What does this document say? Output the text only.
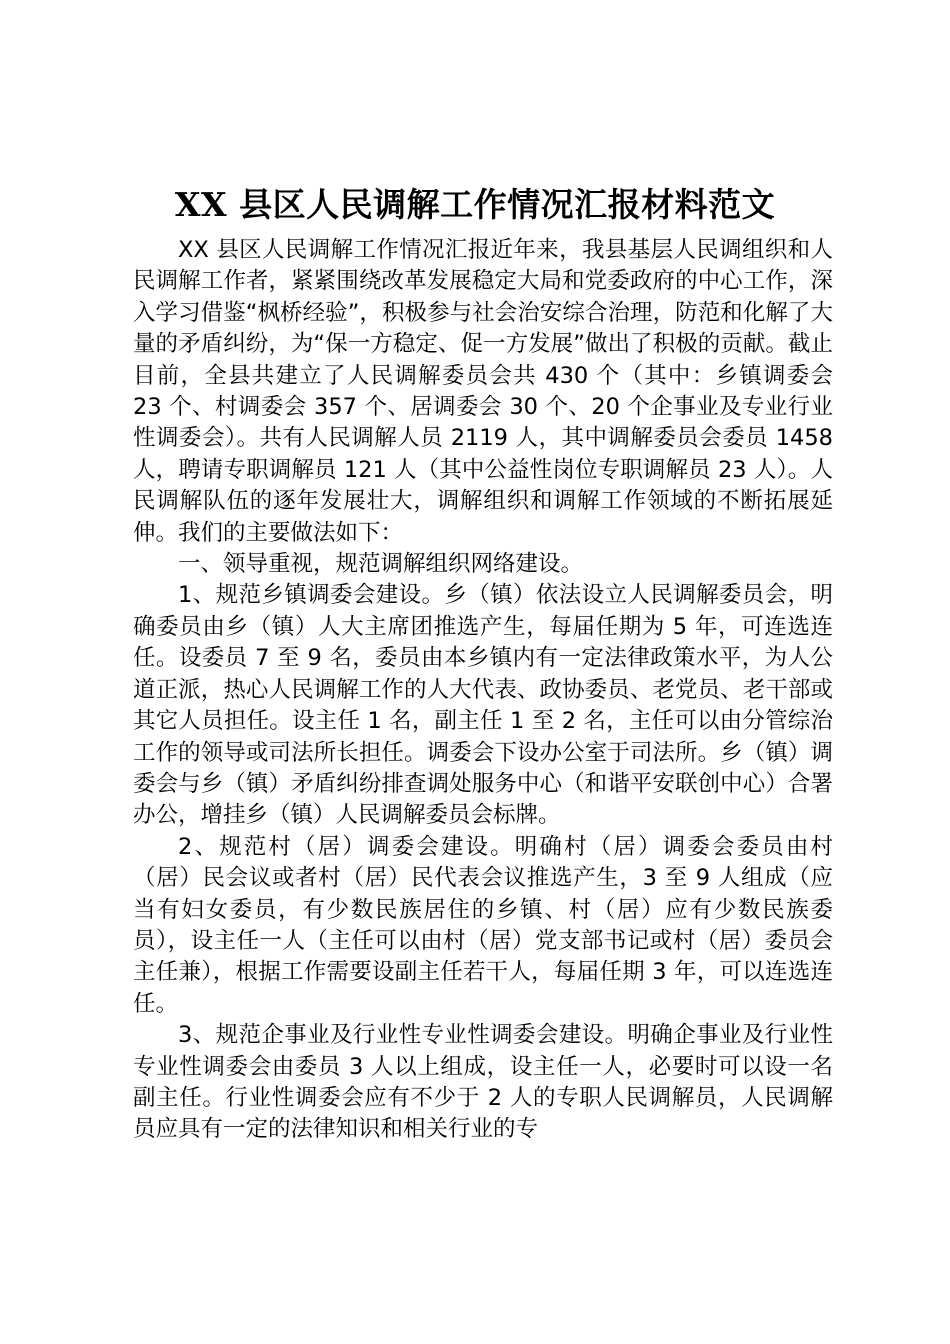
XX 县区人民调解工作情况汇报材料范文

XX 县区人民调解工作情况汇报近年来，我县基层人民调组织和人民调解工作者，紧紧围绕改革发展稳定大局和党委政府的中心工作，深入学习借鉴“枫桥经验”，积极参与社会治安综合治理，防范和化解了大量的矛盾纠纷，为“保一方稳定、促一方发展”做出了积极的贡献。截止目前，全县共建立了人民调解委员会共 430 个（其中：乡镇调委会 23 个、村调委会 357 个、居调委会 30 个、20 个企事业及专业行业性调委会）。共有人民调解人员 2119 人，其中调解委员会委员 1458 人，聘请专职调解员 121 人（其中公益性岗位专职调解员 23 人）。人民调解队伍的逐年发展壮大，调解组织和调解工作领域的不断拓展延伸。我们的主要做法如下：

一、领导重视，规范调解组织网络建设。

1、规范乡镇调委会建设。乡（镇）依法设立人民调解委员会，明确委员由乡（镇）人大主席团推选产生，每届任期为 5 年，可连选连任。设委员 7 至 9 名，委员由本乡镇内有一定法律政策水平，为人公道正派，热心人民调解工作的人大代表、政协委员、老党员、老干部或其它人员担任。设主任 1 名，副主任 1 至 2 名，主任可以由分管综治工作的领导或司法所长担任。调委会下设办公室于司法所。乡（镇）调委会与乡（镇）矛盾纠纷排查调处服务中心（和谐平安联创中心）合署办公，增挂乡（镇）人民调解委员会标牌。

2、规范村（居）调委会建设。明确村（居）调委会委员由村（居）民会议或者村（居）民代表会议推选产生，3 至 9 人组成（应当有妇女委员，有少数民族居住的乡镇、村（居）应有少数民族委员），设主任一人（主任可以由村（居）党支部书记或村（居）委员会主任兼），根据工作需要设副主任若干人，每届任期 3 年，可以连选连任。

3、规范企事业及行业性专业性调委会建设。明确企事业及行业性专业性调委会由委员 3 人以上组成，设主任一人，必要时可以设一名副主任。行业性调委会应有不少于 2 人的专职人民调解员，人民调解员应具有一定的法律知识和相关行业的专
